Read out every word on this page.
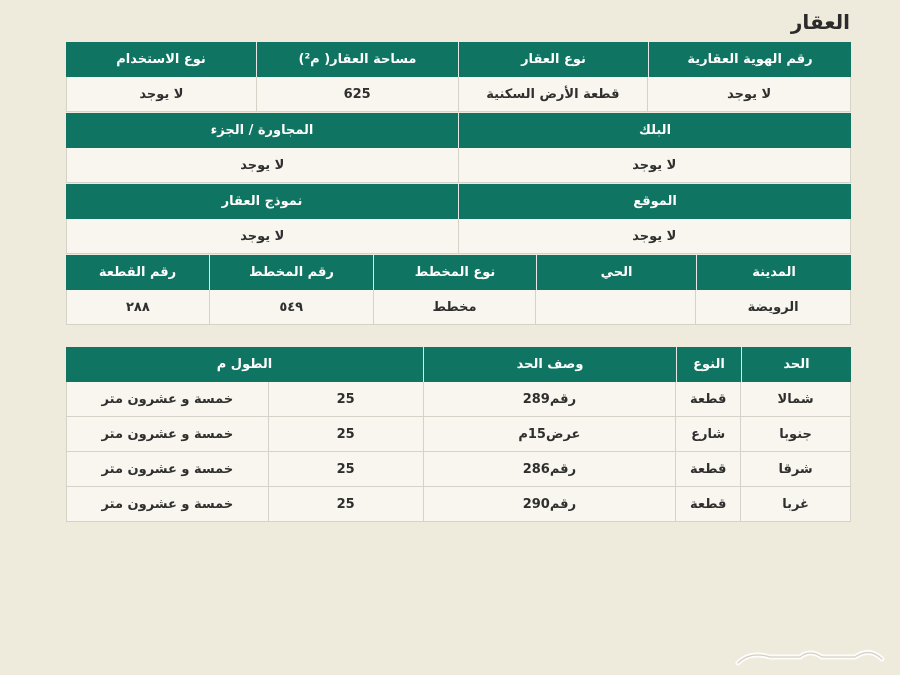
العقار
رقم الهوية العقارية
نوع العقار
مساحة العقار( م²)
نوع الاستخدام
لا يوجد
قطعة الأرض السكنية
625
لا يوجد
البلك
المجاورة / الجزء
لا يوجد
لا يوجد
الموقع
نموذج العقار
لا يوجد
لا يوجد
المدينة
الحي
نوع المخطط
رقم المخطط
رقم القطعة
الرويضة
مخطط
٥٤٩
٢٨٨
الحد
النوع
وصف الحد
الطول م
شمالا
قطعة
رقم289
25
خمسة و عشرون متر
جنوبا
شارع
عرض15م
25
خمسة و عشرون متر
شرقا
قطعة
رقم286
25
خمسة و عشرون متر
غربا
قطعة
رقم290
25
خمسة و عشرون متر
